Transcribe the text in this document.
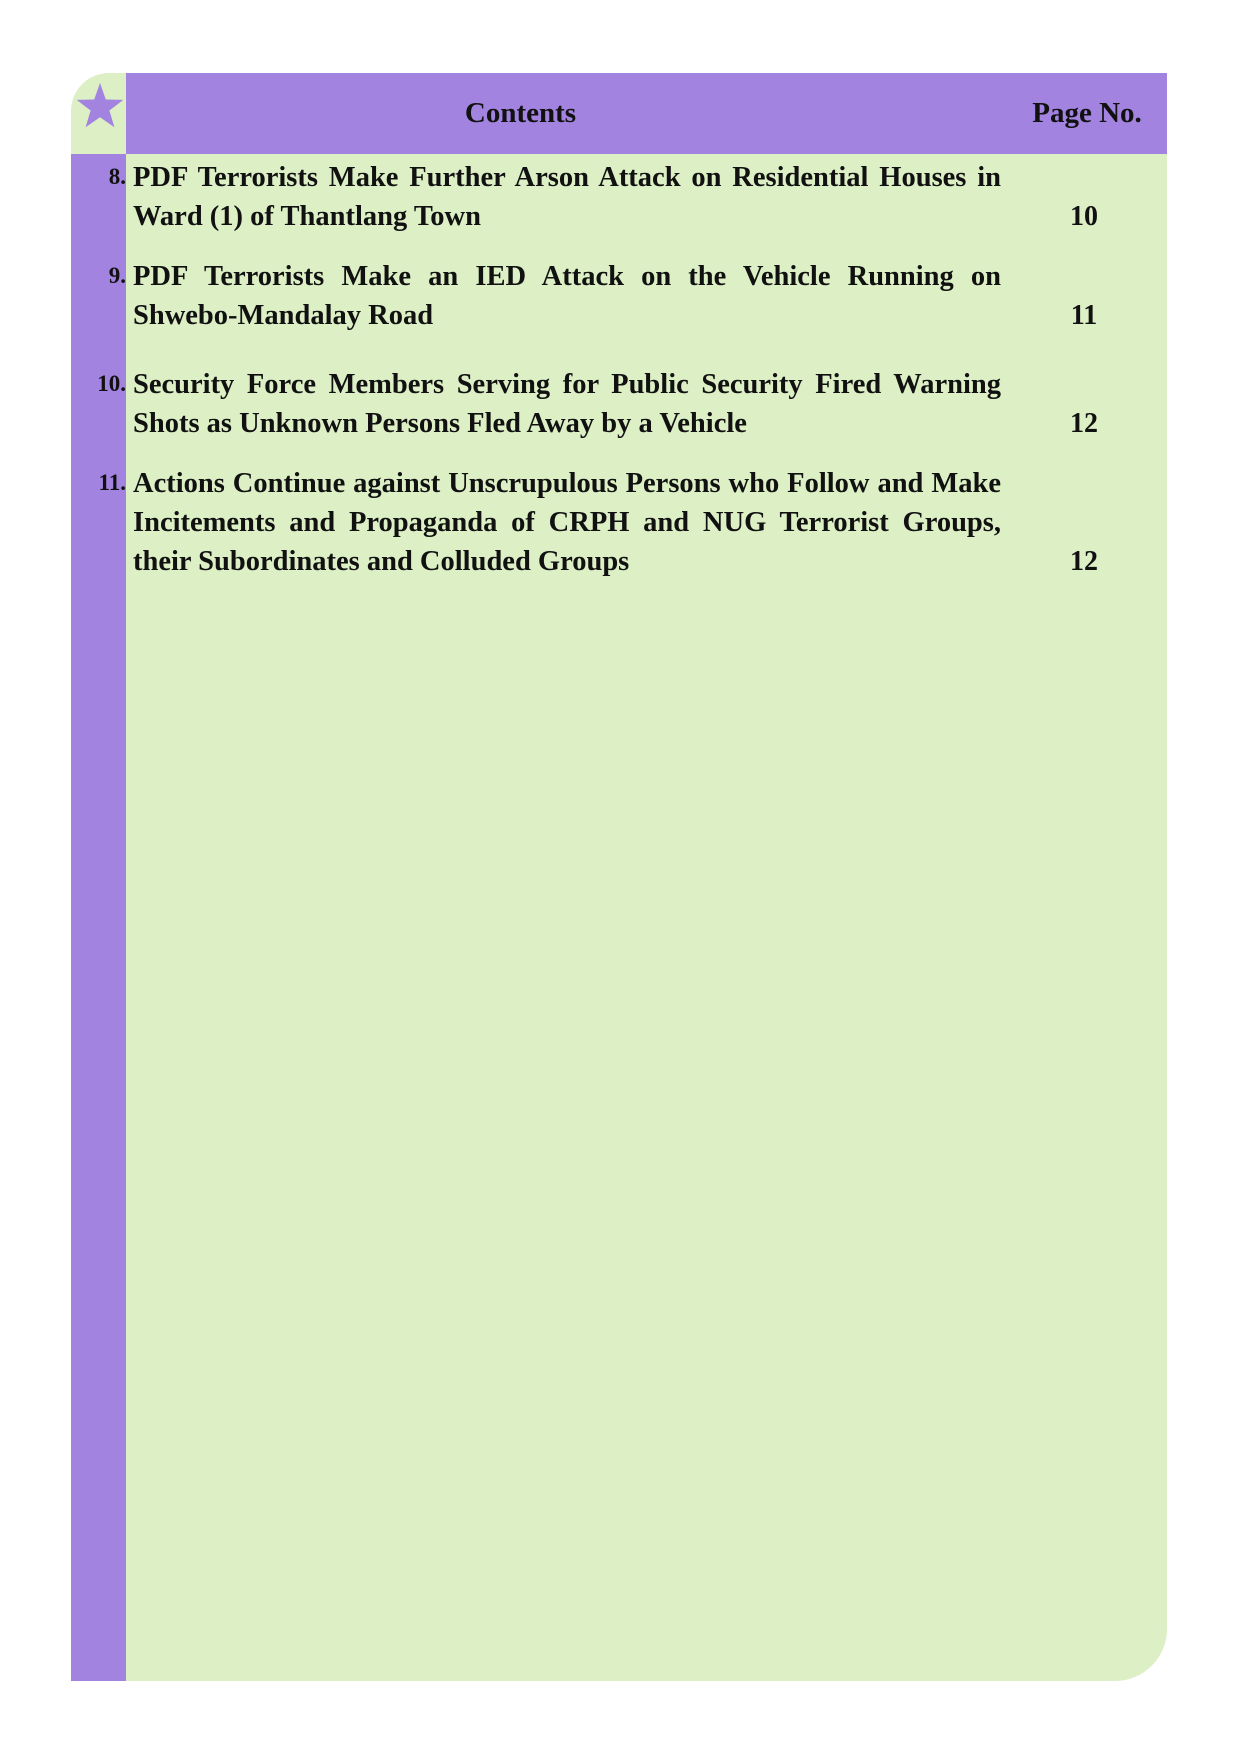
Contents	Page No.
8. PDF Terrorists Make Further Arson Attack on Residential Houses in Ward (1) of Thantlang Town	10
9. PDF Terrorists Make an IED Attack on the Vehicle Running on Shwebo-Mandalay Road	11
10. Security Force Members Serving for Public Security Fired Warning Shots as Unknown Persons Fled Away by a Vehicle	12
11. Actions Continue against Unscrupulous Persons who Follow and Make Incitements and Propaganda of CRPH and NUG Terrorist Groups, their Subordinates and Colluded Groups	12
